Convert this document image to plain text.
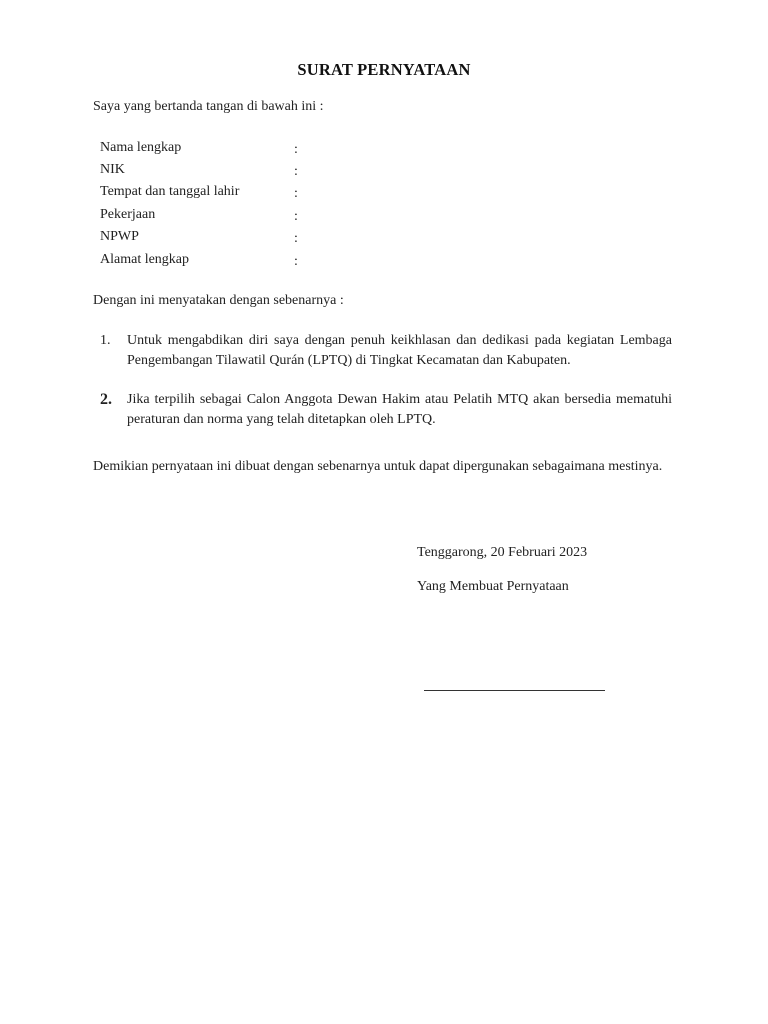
SURAT PERNYATAAN
Saya yang bertanda tangan di bawah ini :
Nama lengkap	:
NIK	:
Tempat dan tanggal lahir	:
Pekerjaan	:
NPWP	:
Alamat lengkap	:
Dengan ini menyatakan dengan sebenarnya :
1. Untuk mengabdikan diri saya dengan penuh keikhlasan dan dedikasi pada kegiatan Lembaga Pengembangan Tilawatil Qurán (LPTQ) di Tingkat Kecamatan dan Kabupaten.
2. Jika terpilih sebagai Calon Anggota Dewan Hakim atau Pelatih MTQ akan bersedia mematuhi peraturan dan norma yang telah ditetapkan oleh LPTQ.
Demikian pernyataan ini dibuat dengan sebenarnya untuk dapat dipergunakan sebagaimana mestinya.
Tenggarong, 20 Februari 2023
Yang Membuat Pernyataan
